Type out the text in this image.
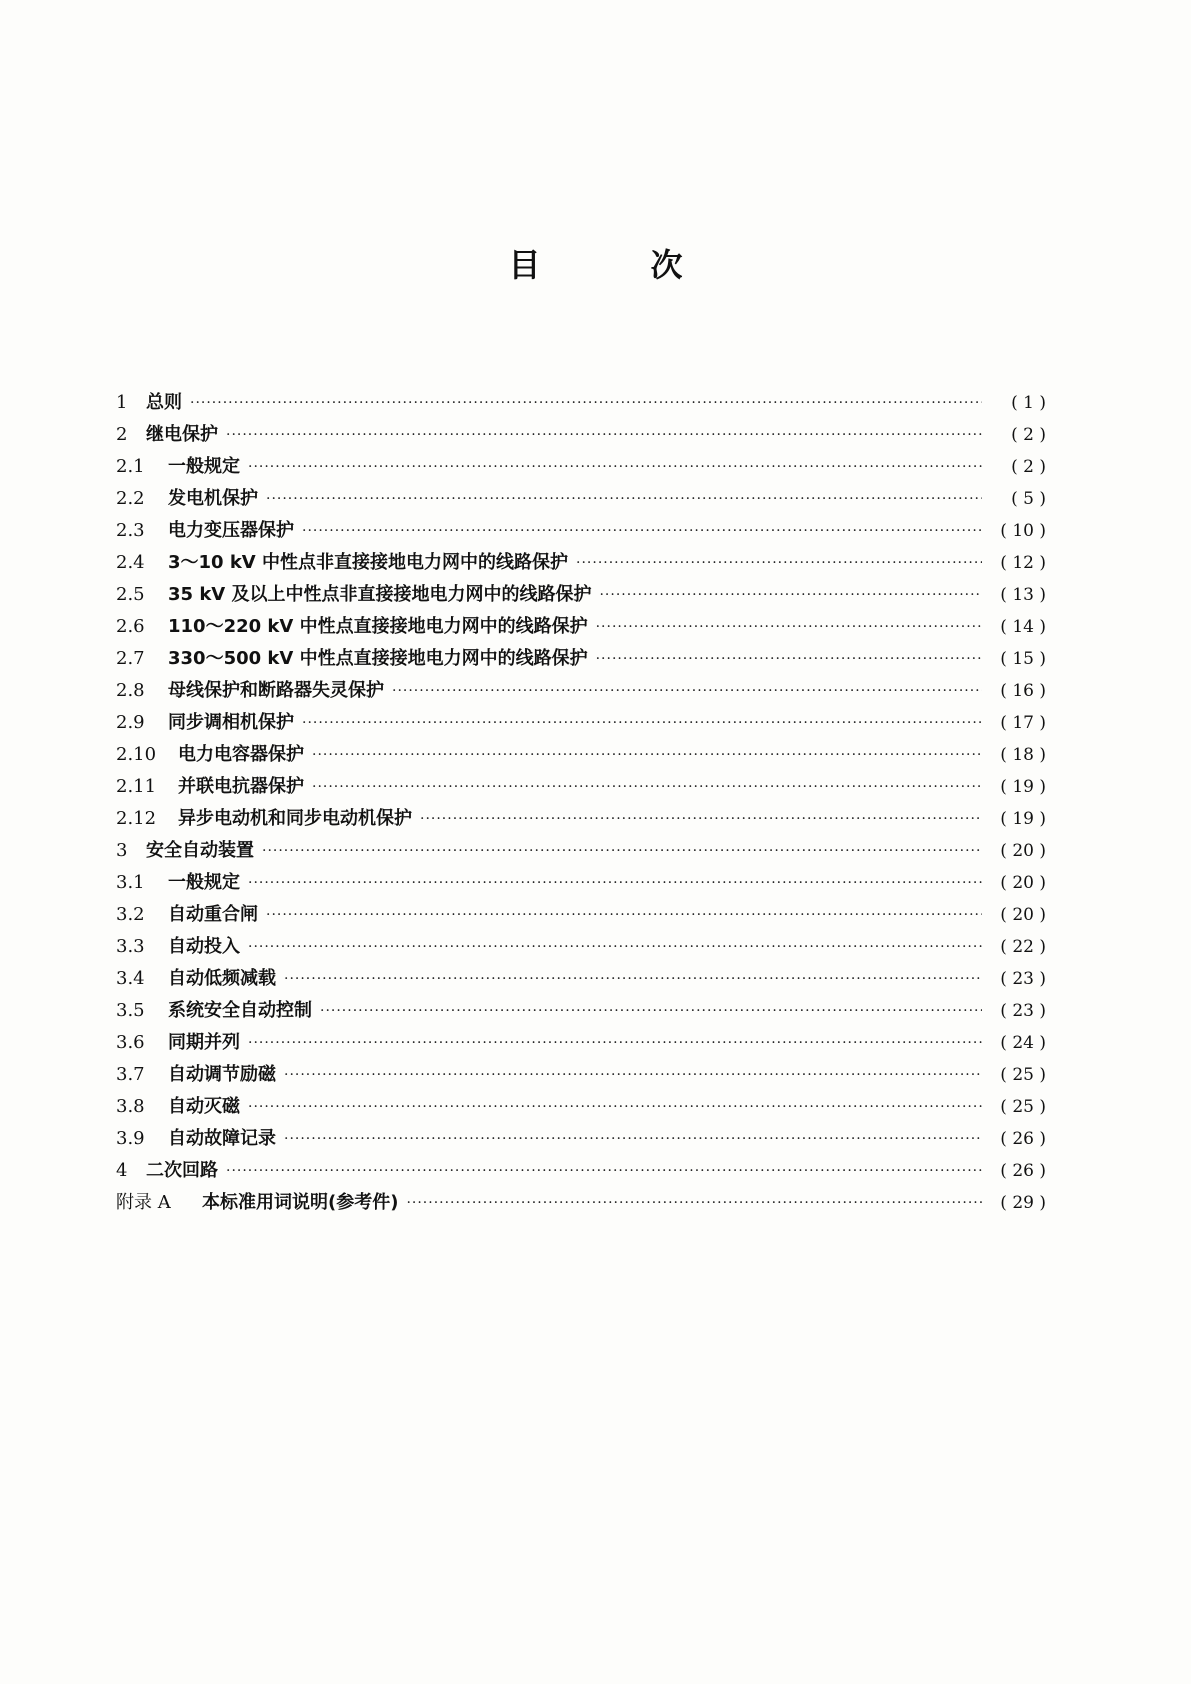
目	次
1	总则 ·····	( 1 )
2	继电保护 ·····	( 2 )
2.1	一般规定 ·····	( 2 )
2.2	发电机保护 ·····	( 5 )
2.3	电力变压器保护 ·····	( 10 )
2.4	3～10 kV 中性点非直接接地电力网中的线路保护 ·····	( 12 )
2.5	35 kV 及以上中性点非直接接地电力网中的线路保护 ·····	( 13 )
2.6	110～220 kV 中性点直接接地电力网中的线路保护 ·····	( 14 )
2.7	330～500 kV 中性点直接接地电力网中的线路保护 ·····	( 15 )
2.8	母线保护和断路器失灵保护 ·····	( 16 )
2.9	同步调相机保护 ·····	( 17 )
2.10	电力电容器保护 ·····	( 18 )
2.11	并联电抗器保护 ·····	( 19 )
2.12	异步电动机和同步电动机保护 ·····	( 19 )
3	安全自动装置 ·····	( 20 )
3.1	一般规定 ·····	( 20 )
3.2	自动重合闸 ·····	( 20 )
3.3	自动投入 ·····	( 22 )
3.4	自动低频减载 ·····	( 23 )
3.5	系统安全自动控制 ·····	( 23 )
3.6	同期并列 ·····	( 24 )
3.7	自动调节励磁 ·····	( 25 )
3.8	自动灭磁 ·····	( 25 )
3.9	自动故障记录 ·····	( 26 )
4	二次回路 ·····	( 26 )
附录 A	本标准用词说明(参考件) ·····	( 29 )
